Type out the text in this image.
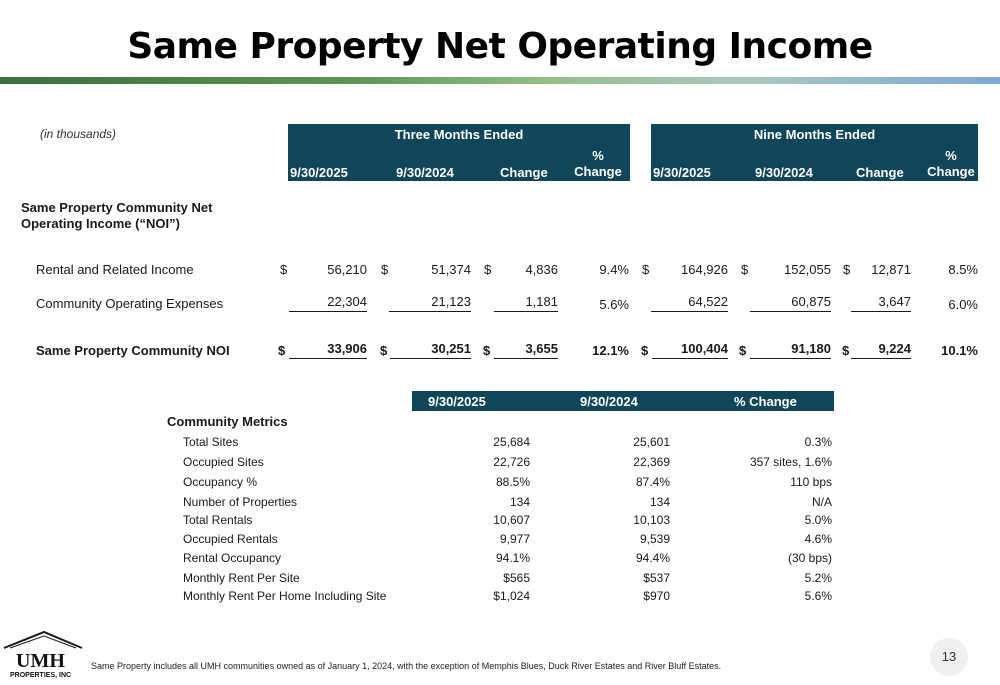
Same Property Net Operating Income
(in thousands)	Three Months Ended
9/30/2025	9/30/2024	Change
%
Change
Nine Months Ended
9/30/2025	9/30/2024	Change
%
Change
Same Property Community Net Operating Income (“NOI”)
Rental and Related Income	$	56,210 $	51,374 $	4,836	9.4% $	164,926 $	152,055 $	12,871	8.5%
Community Operating Expenses	22,304	21,123	1,181	5.6%	64,522	60,875	3,647	6.0%
Same Property Community NOI	$	33,906 $	30,251 $	3,655	12.1% $	100,404 $	91,180 $	9,224	10.1%
9/30/2025	9/30/2024	% Change
Community Metrics
Total Sites	25,684	25,601	0.3%
Occupied Sites	22,726	22,369	357 sites, 1.6%
Occupancy %	88.5%	87.4%	110 bps
Number of Properties	134	134	N/A
Total Rentals	10,607	10,103	5.0%
Occupied Rentals	9,977	9,539	4.6%
Rental Occupancy	94.1%	94.4%	(30 bps)
Monthly Rent Per Site	$565	$537	5.2%
Monthly Rent Per Home Including Site	$1,024	$970	5.6%
UMH
PROPERTIES, INC
Same Property includes all UMH communities owned as of January 1, 2024, with the exception of Memphis Blues, Duck River Estates and River Bluff Estates.
13
